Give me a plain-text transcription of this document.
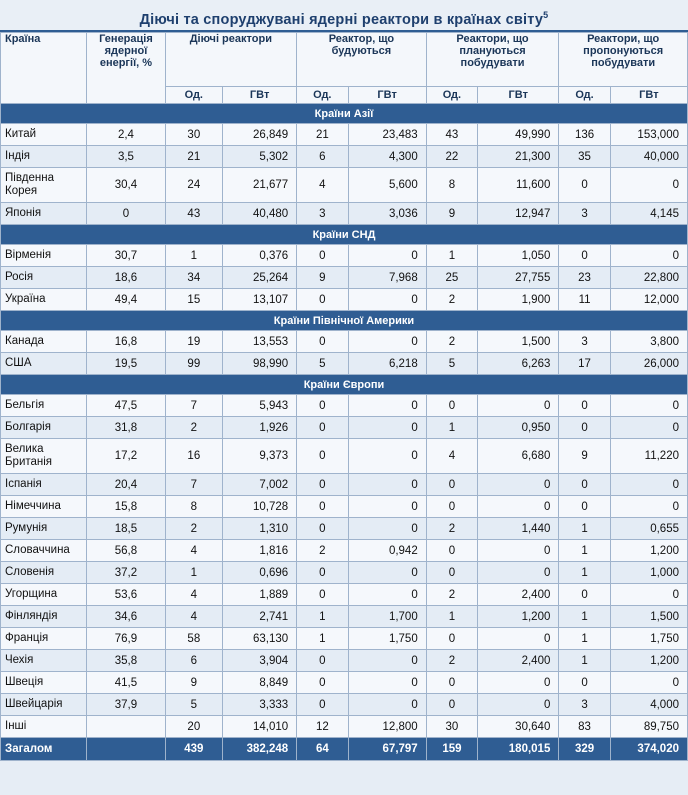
Діючі та споруджувані ядерні реактори в країнах світу$^5$
Країна	Генерація ядерної енергії, %	Діючі реактори		Реактор, що будуються		Реактори, що плануються побудувати		Реактори, що пропонуються побудувати	
		Од.	ГВт	Од.	ГВт	Од.	ГВт	Од.	ГВт
Країни Азії									
Китай	2,4	30	26,849	21	23,483	43	49,990	136	153,000
Індія	3,5	21	5,302	6	4,300	22	21,300	35	40,000
Південна Корея	30,4	24	21,677	4	5,600	8	11,600	0	0
Японія	0	43	40,480	3	3,036	9	12,947	3	4,145
Країни СНД									
Вірменія	30,7	1	0,376	0	0	1	1,050	0	0
Росія	18,6	34	25,264	9	7,968	25	27,755	23	22,800
Україна	49,4	15	13,107	0	0	2	1,900	11	12,000
Країни Північної Америки									
Канада	16,8	19	13,553	0	0	2	1,500	3	3,800
США	19,5	99	98,990	5	6,218	5	6,263	17	26,000
Країни Європи									
Бельгія	47,5	7	5,943	0	0	0	0	0	0
Болгарія	31,8	2	1,926	0	0	1	0,950	0	0
Велика Британія	17,2	16	9,373	0	0	4	6,680	9	11,220
Іспанія	20,4	7	7,002	0	0	0	0	0	0
Німеччина	15,8	8	10,728	0	0	0	0	0	0
Румунія	18,5	2	1,310	0	0	2	1,440	1	0,655
Словаччина	56,8	4	1,816	2	0,942	0	0	1	1,200
Словенія	37,2	1	0,696	0	0	0	0	1	1,000
Угорщина	53,6	4	1,889	0	0	2	2,400	0	0
Фінляндія	34,6	4	2,741	1	1,700	1	1,200	1	1,500
Франція	76,9	58	63,130	1	1,750	0	0	1	1,750
Чехія	35,8	6	3,904	0	0	2	2,400	1	1,200
Швеція	41,5	9	8,849	0	0	0	0	0	0
Швейцарія	37,9	5	3,333	0	0	0	0	3	4,000
Інші		20	14,010	12	12,800	30	30,640	83	89,750
Загалом		439	382,248	64	67,797	159	180,015	329	374,020
